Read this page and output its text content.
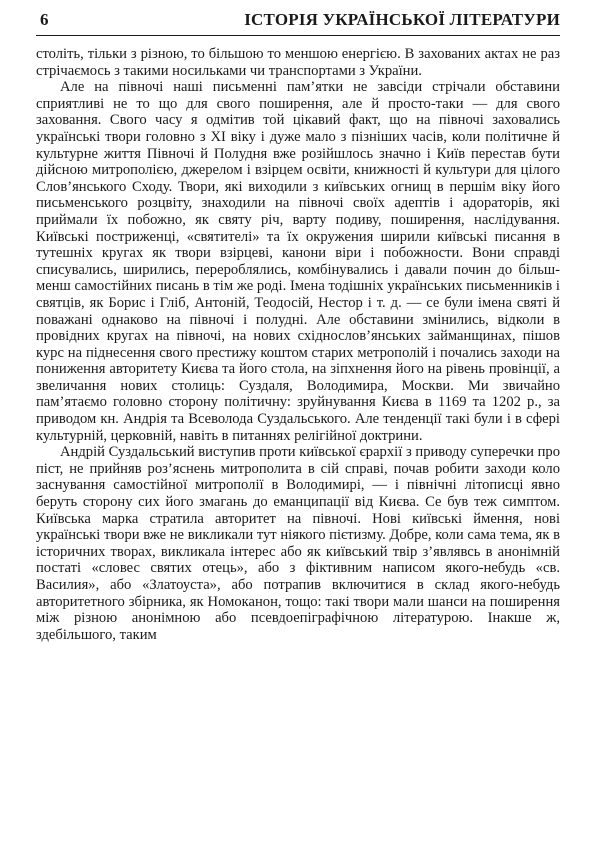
6	ІСТОРІЯ УКРАЇНСЬКОЇ ЛІТЕРАТУРИ

століть, тільки з різною, то більшою то меншою енергією. В захованих актах не раз стрічаємось з такими носильками чи транспортами з України.

Але на півночі наші письменні пам’ятки не завсіди стрічали обставини сприятливі не то що для свого поширення, але й просто-таки — для свого заховання. Свого часу я одмітив той цікавий факт, що на півночі заховались українські твори головно з XI віку і дуже мало з пізніших часів, коли політичне й культурне життя Півночі й Полудня вже розійшлось значно і Київ перестав бути дійсною митрополією, джерелом і взірцем освіти, книжності й культури для цілого Слов’янського Сходу. Твори, які виходили з київських огнищ в першім віку його письменського розцвіту, знаходили на півночі своїх адептів і адораторів, які приймали їх побожно, як святу річ, варту подиву, поширення, наслідування. Київські постриженці, «святителі» та їх окружения ширили київські писання в тутешніх кругах як твори взірцеві, канони віри і побожности. Вони справді списувались, ширились, перероблялись, комбінувались і давали почин до більш-менш самостійних писань в тім же роді. Імена тодішніх українських письменників і святців, як Борис і Гліб, Антоній, Теодосій, Нестор і т. д. — се були імена святі й поважані однаково на півночі і полудні. Але обставини змінились, відколи в провідних кругах на півночі, на нових східнослов’янських займанщинах, пішов курс на піднесення свого престижу коштом старих метрополій і почались заходи на пониження авторитету Києва та його стола, на зіпхнення його на рівень провінції, а звеличання нових столиць: Суздаля, Володимира, Москви. Ми звичайно пам’ятаємо головно сторону політичну: зруйнування Києва в 1169 та 1202 р., за приводом кн. Андрія та Всеволода Суздальського. Але тенденції такі були і в сфері культурній, церковній, навіть в питаннях релігійної доктрини.

Андрій Суздальський виступив проти київської єрархії з приводу суперечки про піст, не прийняв роз’яснень митрополита в сій справі, почав робити заходи коло заснування самостійної митрополії в Володимирі, — і північні літописці явно беруть сторону сих його змагань до еманципації від Києва. Се був теж симптом. Київська марка стратила авторитет на півночі. Нові київські ймення, нові українські твори вже не викликали тут ніякого пієтизму. Добре, коли сама тема, як в історичних творах, викликала інтерес або як київський твір з’являвсь в анонімній постаті «словес святих отець», або з фіктивним написом якого-небудь «св. Василия», або «Златоуста», або потрапив включитися в склад якого-небудь авторитетного збірника, як Номоканон, тощо: такі твори мали шанси на поширення між різною анонімною або псевдоепіграфічною літературою. Інакше ж, здебільшого, таким
